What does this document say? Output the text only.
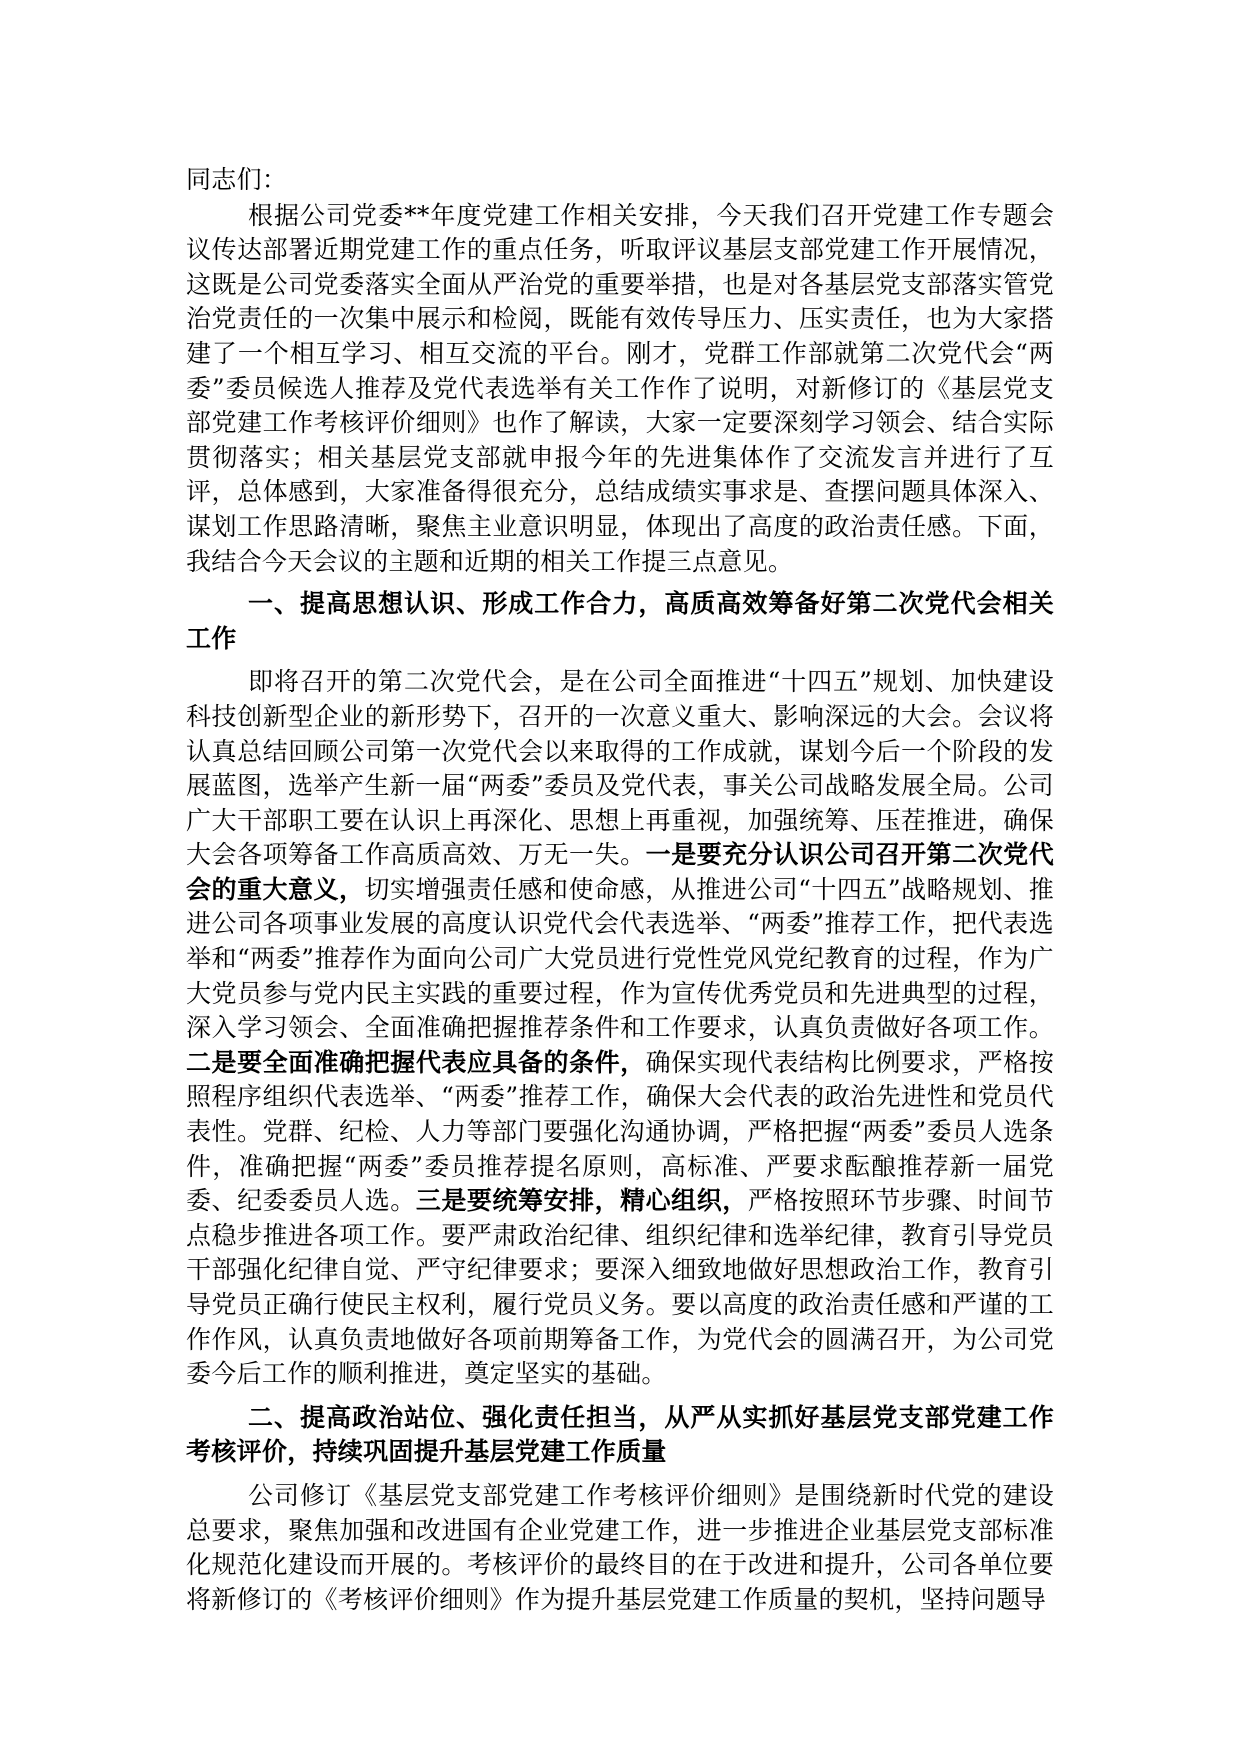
同志们：

根据公司党委**年度党建工作相关安排，今天我们召开党建工作专题会议传达部署近期党建工作的重点任务，听取评议基层支部党建工作开展情况，这既是公司党委落实全面从严治党的重要举措，也是对各基层党支部落实管党治党责任的一次集中展示和检阅，既能有效传导压力、压实责任，也为大家搭建了一个相互学习、相互交流的平台。刚才，党群工作部就第二次党代会“两委”委员候选人推荐及党代表选举有关工作作了说明，对新修订的《基层党支部党建工作考核评价细则》也作了解读，大家一定要深刻学习领会、结合实际贯彻落实；相关基层党支部就申报今年的先进集体作了交流发言并进行了互评，总体感到，大家准备得很充分，总结成绩实事求是、查摆问题具体深入、谋划工作思路清晰，聚焦主业意识明显，体现出了高度的政治责任感。下面，我结合今天会议的主题和近期的相关工作提三点意见。

一、提高思想认识、形成工作合力，高质高效筹备好第二次党代会相关工作

即将召开的第二次党代会，是在公司全面推进“十四五”规划、加快建设科技创新型企业的新形势下，召开的一次意义重大、影响深远的大会。会议将认真总结回顾公司第一次党代会以来取得的工作成就，谋划今后一个阶段的发展蓝图，选举产生新一届“两委”委员及党代表，事关公司战略发展全局。公司广大干部职工要在认识上再深化、思想上再重视，加强统筹、压茬推进，确保大会各项筹备工作高质高效、万无一失。一是要充分认识公司召开第二次党代会的重大意义，切实增强责任感和使命感，从推进公司“十四五”战略规划、推进公司各项事业发展的高度认识党代会代表选举、“两委”推荐工作，把代表选举和“两委”推荐作为面向公司广大党员进行党性党风党纪教育的过程，作为广大党员参与党内民主实践的重要过程，作为宣传优秀党员和先进典型的过程，深入学习领会、全面准确把握推荐条件和工作要求，认真负责做好各项工作。二是要全面准确把握代表应具备的条件，确保实现代表结构比例要求，严格按照程序组织代表选举、“两委”推荐工作，确保大会代表的政治先进性和党员代表性。党群、纪检、人力等部门要强化沟通协调，严格把握“两委”委员人选条件，准确把握“两委”委员推荐提名原则，高标准、严要求酝酿推荐新一届党委、纪委委员人选。三是要统筹安排，精心组织，严格按照环节步骤、时间节点稳步推进各项工作。要严肃政治纪律、组织纪律和选举纪律，教育引导党员干部强化纪律自觉、严守纪律要求；要深入细致地做好思想政治工作，教育引导党员正确行使民主权利，履行党员义务。要以高度的政治责任感和严谨的工作作风，认真负责地做好各项前期筹备工作，为党代会的圆满召开，为公司党委今后工作的顺利推进，奠定坚实的基础。

二、提高政治站位、强化责任担当，从严从实抓好基层党支部党建工作考核评价，持续巩固提升基层党建工作质量

公司修订《基层党支部党建工作考核评价细则》是围绕新时代党的建设总要求，聚焦加强和改进国有企业党建工作，进一步推进企业基层党支部标准化规范化建设而开展的。考核评价的最终目的在于改进和提升，公司各单位要将新修订的《考核评价细则》作为提升基层党建工作质量的契机，坚持问题导
